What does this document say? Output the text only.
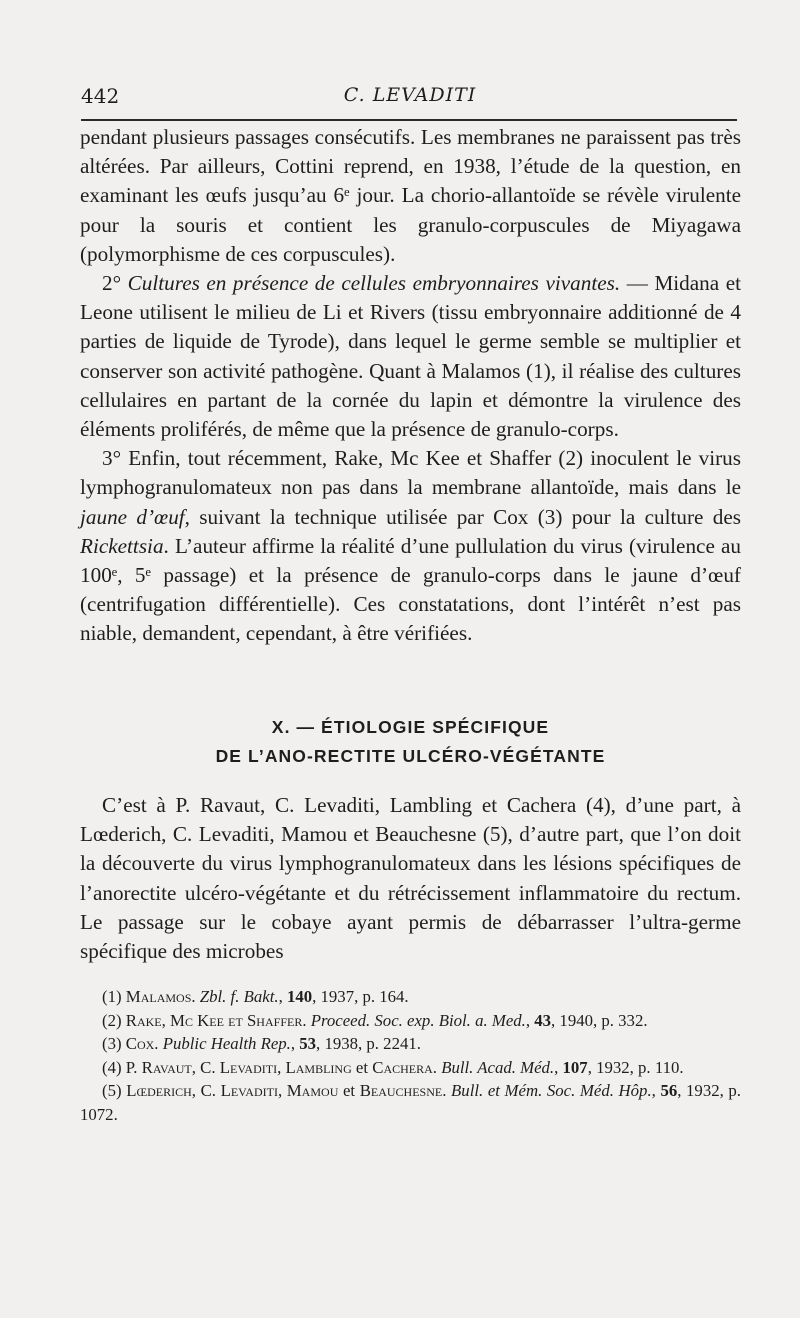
442	C. LEVADITI

pendant plusieurs passages consécutifs. Les membranes ne paraissent pas très altérées. Par ailleurs, Cottini reprend, en 1938, l’étude de la question, en examinant les œufs jusqu’au 6ᵉ jour. La chorio-allantoïde se révèle virulente pour la souris et contient les granulo-corpuscules de Miyagawa (polymorphisme de ces corpuscules).

2° Cultures en présence de cellules embryonnaires vivantes. — Midana et Leone utilisent le milieu de Li et Rivers (tissu embryonnaire additionné de 4 parties de liquide de Tyrode), dans lequel le germe semble se multiplier et conserver son activité pathogène. Quant à Malamos (1), il réalise des cultures cellulaires en partant de la cornée du lapin et démontre la virulence des éléments proliférés, de même que la présence de granulo-corps.

3° Enfin, tout récemment, Rake, Mc Kee et Shaffer (2) inoculent le virus lymphogranulomateux non pas dans la membrane allantoïde, mais dans le jaune d’œuf, suivant la technique utilisée par Cox (3) pour la culture des Rickettsia. L’auteur affirme la réalité d’une pullulation du virus (virulence au 100ᵉ, 5ᵉ passage) et la présence de granulo-corps dans le jaune d’œuf (centrifugation différentielle). Ces constatations, dont l’intérêt n’est pas niable, demandent, cependant, à être vérifiées.

X. — ÉTIOLOGIE SPÉCIFIQUE
DE L’ANO-RECTITE ULCÉRO-VÉGÉTANTE

C’est à P. Ravaut, C. Levaditi, Lambling et Cachera (4), d’une part, à Lœderich, C. Levaditi, Mamou et Beauchesne (5), d’autre part, que l’on doit la découverte du virus lymphogranulomateux dans les lésions spécifiques de l’anorectite ulcéro-végétante et du rétrécissement inflammatoire du rectum. Le passage sur le cobaye ayant permis de débarrasser l’ultra-germe spécifique des microbes

(1) Malamos. Zbl. f. Bakt., 140, 1937, p. 164.

(2) Rake, Mc Kee et Shaffer. Proceed. Soc. exp. Biol. a. Med., 43, 1940, p. 332.

(3) Cox. Public Health Rep., 53, 1938, p. 2241.

(4) P. Ravaut, C. Levaditi, Lambling et Cachera. Bull. Acad. Méd., 107, 1932, p. 110.

(5) Lœderich, C. Levaditi, Mamou et Beauchesne. Bull. et Mém. Soc. Méd. Hôp., 56, 1932, p. 1072.
